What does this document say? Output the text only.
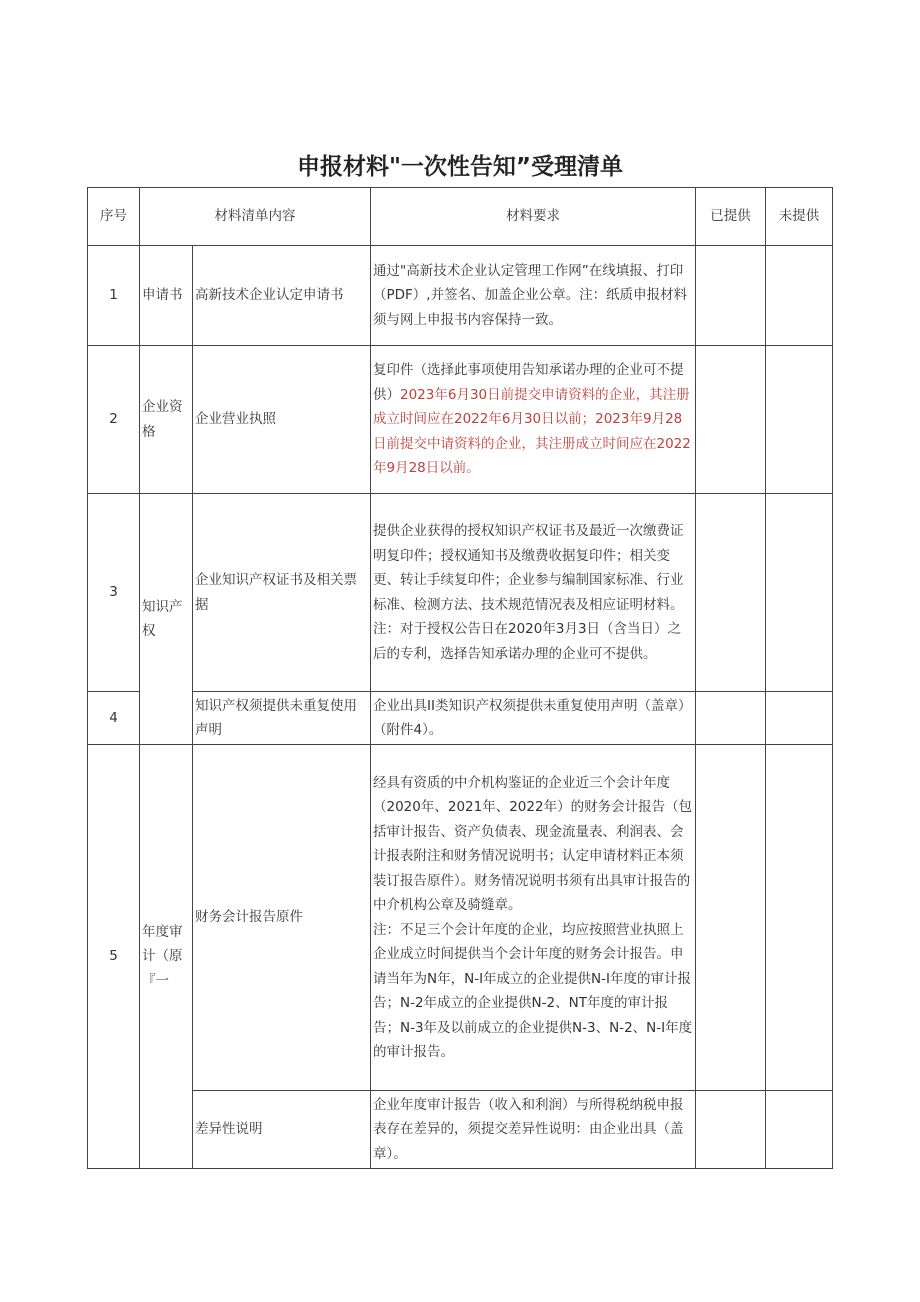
申报材料"一次性告知”受理清单
序号	材料清单内容		材料要求	已提供	未提供
1	申请书	高新技术企业认定申请书	通过"高新技术企业认定管理工作网”在线填报、打印（PDF）,并签名、加盖企业公章。注：纸质申报材料须与网上申报书内容保持一致。		
2	企业资格	企业营业执照	复印件（选择此事项使用告知承诺办理的企业可不提供）2023年6月30日前提交申请资料的企业，其注册成立时间应在2022年6月30日以前；2023年9月28日前提交中请资料的企业，其注册成立时间应在2022年9月28日以前。		
3	知识产权	企业知识产权证书及相关票据	提供企业获得的授权知识产权证书及最近一次缴费证明复印件；授权通知书及缴费收据复印件；相关变更、转让手续复印件；企业参与编制国家标准、行业标准、检测方法、技术规范情况表及相应证明材料。注：对于授权公告日在2020年3月3日（含当日）之后的专利，选择告知承诺办理的企业可不提供。		
4		知识产权须提供未重复使用声明	企业出具II类知识产权须提供未重复使用声明（盖章）（附件4）。		
5	年度审计（原『一	财务会计报告原件	经具有资质的中介机构鉴证的企业近三个会计年度（2020年、2021年、2022年）的财务会计报告（包括审计报告、资产负债表、现金流量表、利润表、会计报表附注和财务情况说明书；认定申请材料正本须装订报告原件）。财务情况说明书须有出具审计报告的中介机构公章及骑缝章。
注：不足三个会计年度的企业，均应按照营业执照上企业成立时间提供当个会计年度的财务会计报告。申请当年为N年，N-I年成立的企业提供N-I年度的审计报告；N-2年成立的企业提供N-2、NT年度的审计报告；N-3年及以前成立的企业提供N-3、N-2、N-I年度的审计报告。		

		差异性说明	企业年度审计报告（收入和利润）与所得税纳税申报表存在差异的，须提交差异性说明：由企业出具（盖章）。		
